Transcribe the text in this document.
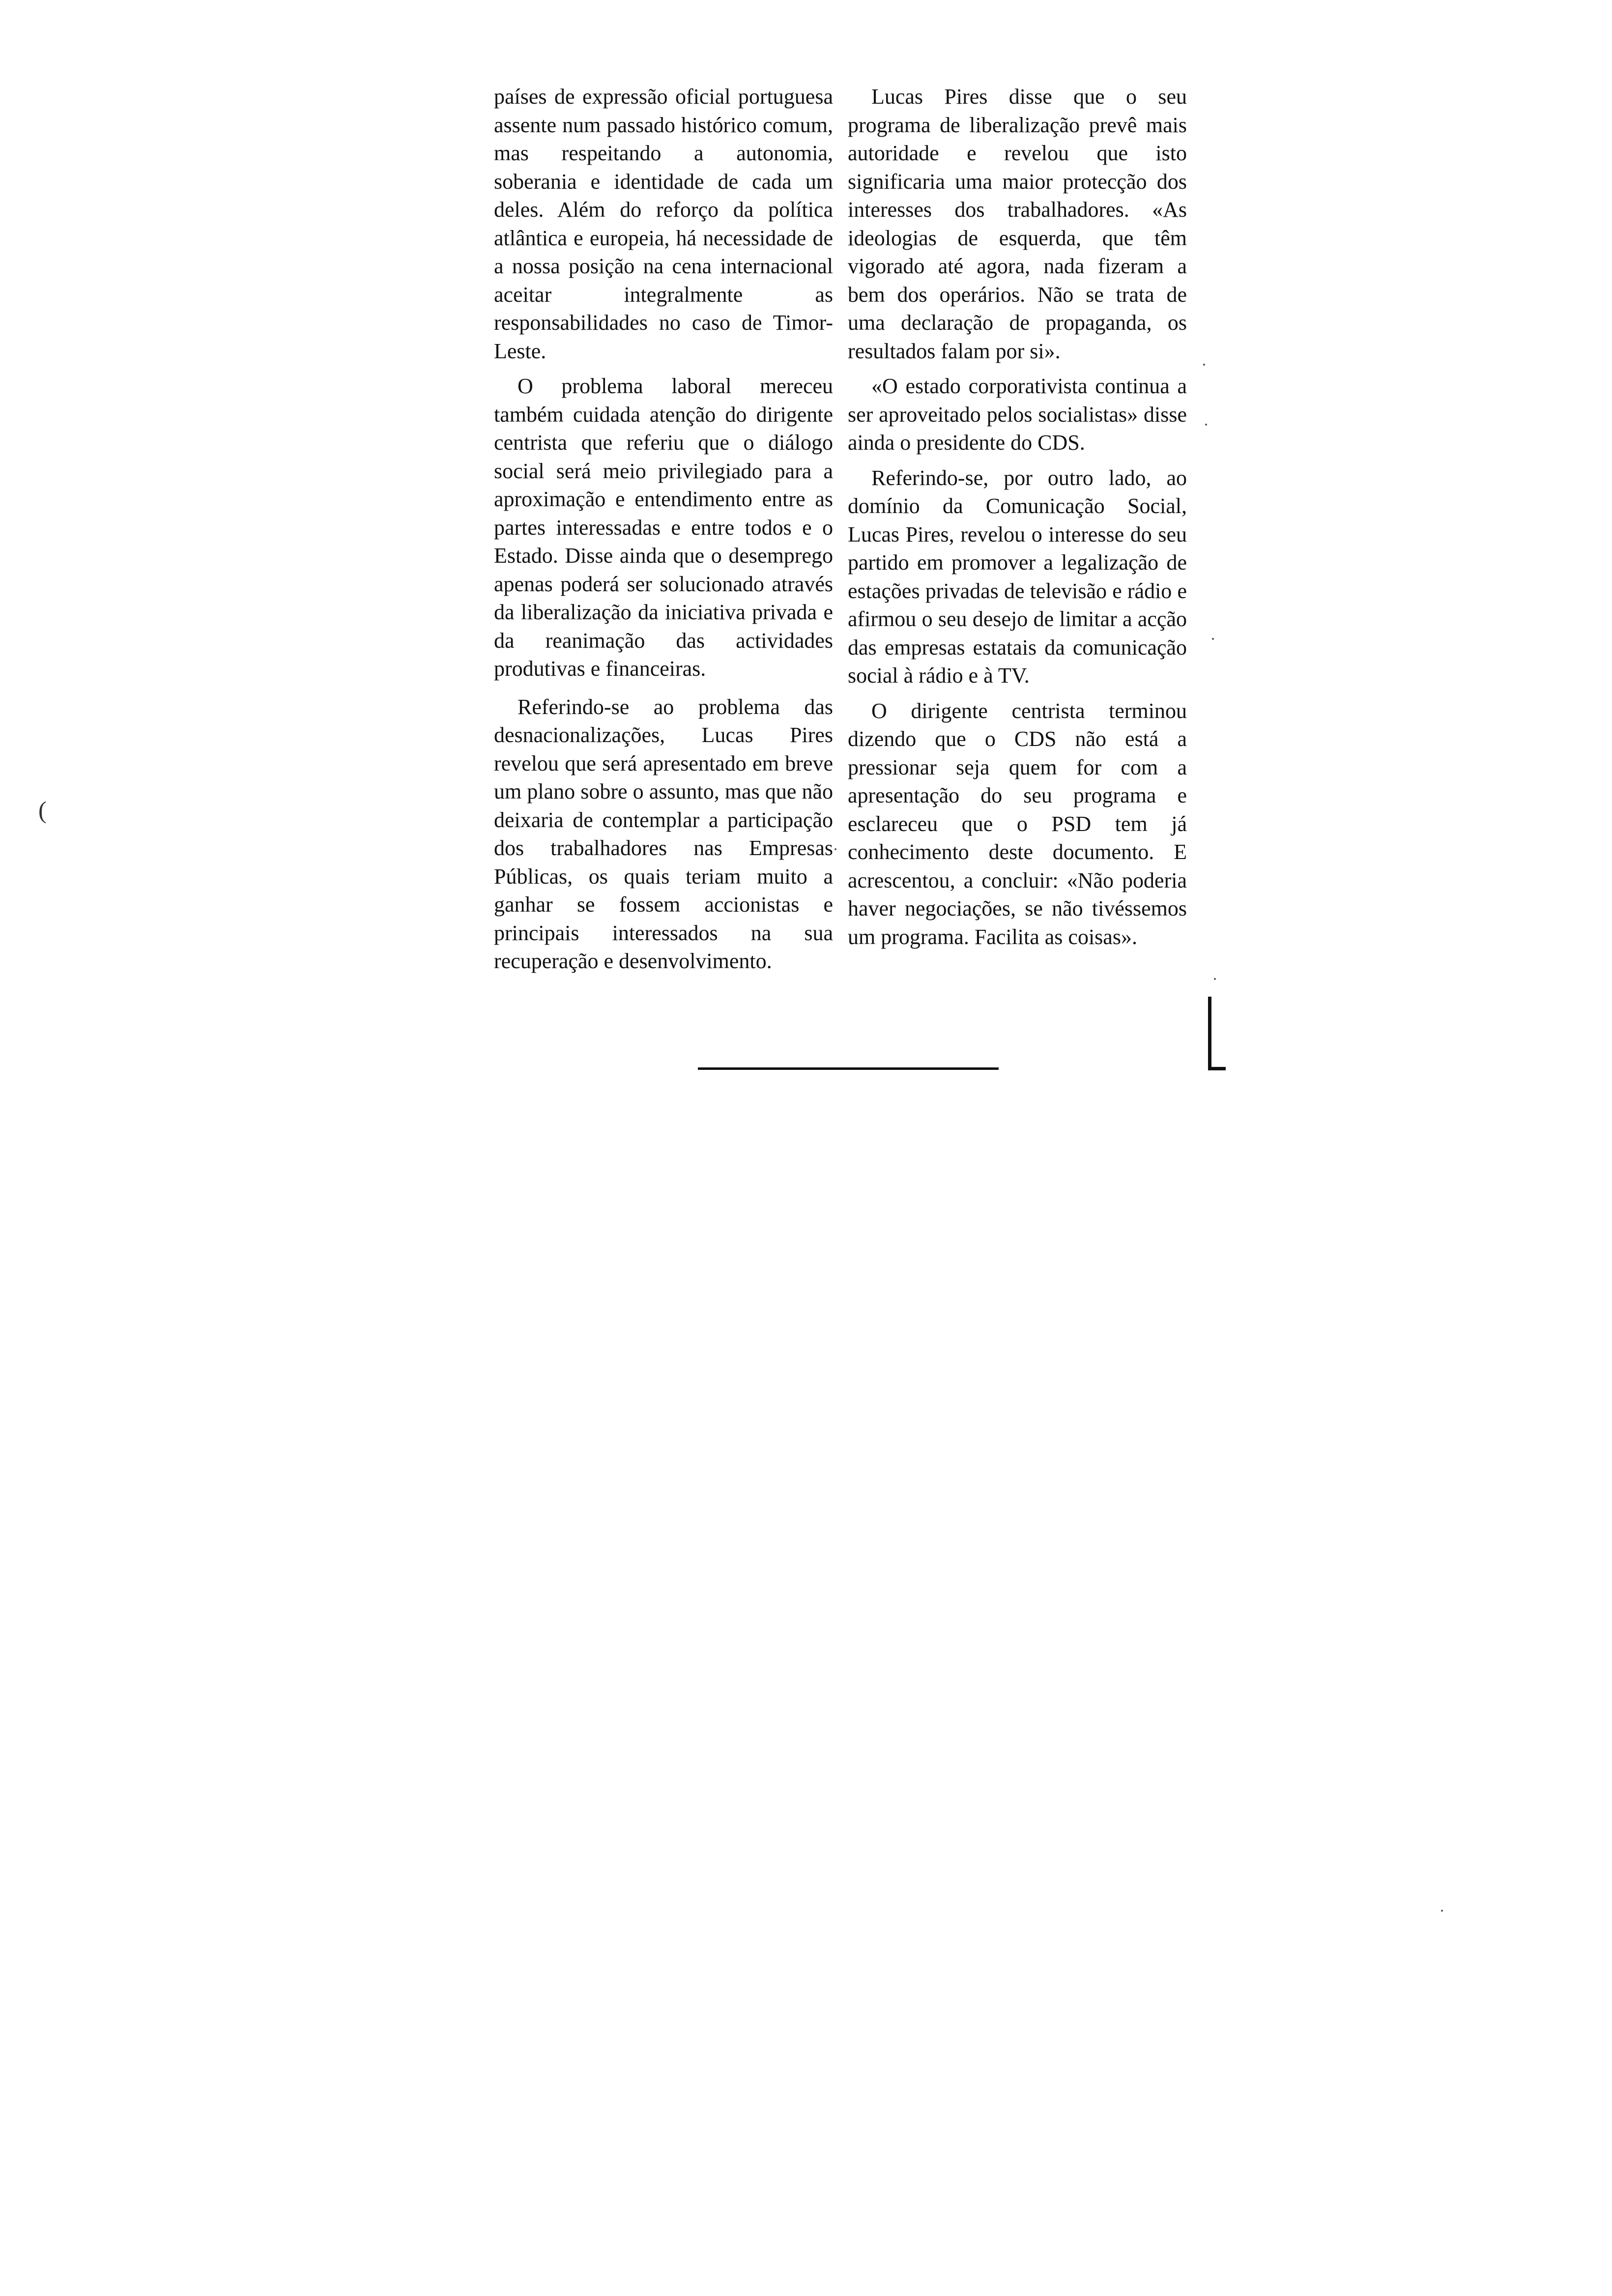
países de expressão oficial portuguesa assente num passado histórico comum, mas respeitando a autonomia, soberania e identidade de cada um deles. Além do reforço da política atlântica e europeia, há necessidade de a nossa posição na cena internacional aceitar integralmente as responsabilidades no caso de Timor-Leste.

O problema laboral mereceu também cuidada atenção do dirigente centrista que referiu que o diálogo social será meio privilegiado para a aproximação e entendimento entre as partes interessadas e entre todos e o Estado. Disse ainda que o desemprego apenas poderá ser solucionado através da liberalização da iniciativa privada e da reanimação das actividades produtivas e financeiras.

Referindo-se ao problema das desnacionalizações, Lucas Pires revelou que será apresentado em breve um plano sobre o assunto, mas que não deixaria de contemplar a participação dos trabalhadores nas Empresas Públicas, os quais teriam muito a ganhar se fossem accionistas e principais interessados na sua recuperação e desenvolvimento.

Lucas Pires disse que o seu programa de liberalização prevê mais autoridade e revelou que isto significaria uma maior protecção dos interesses dos trabalhadores. «As ideologias de esquerda, que têm vigorado até agora, nada fizeram a bem dos operários. Não se trata de uma declaração de propaganda, os resultados falam por si».

«O estado corporativista continua a ser aproveitado pelos socialistas» disse ainda o presidente do CDS.

Referindo-se, por outro lado, ao domínio da Comunicação Social, Lucas Pires, revelou o interesse do seu partido em promover a legalização de estações privadas de televisão e rádio e afirmou o seu desejo de limitar a acção das empresas estatais da comunicação social à rádio e à TV.

O dirigente centrista terminou dizendo que o CDS não está a pressionar seja quem for com a apresentação do seu programa e esclareceu que o PSD tem já conhecimento deste documento. E acrescentou, a concluir: «Não poderia haver negociações, se não tivéssemos um programa. Facilita as coisas».

(
